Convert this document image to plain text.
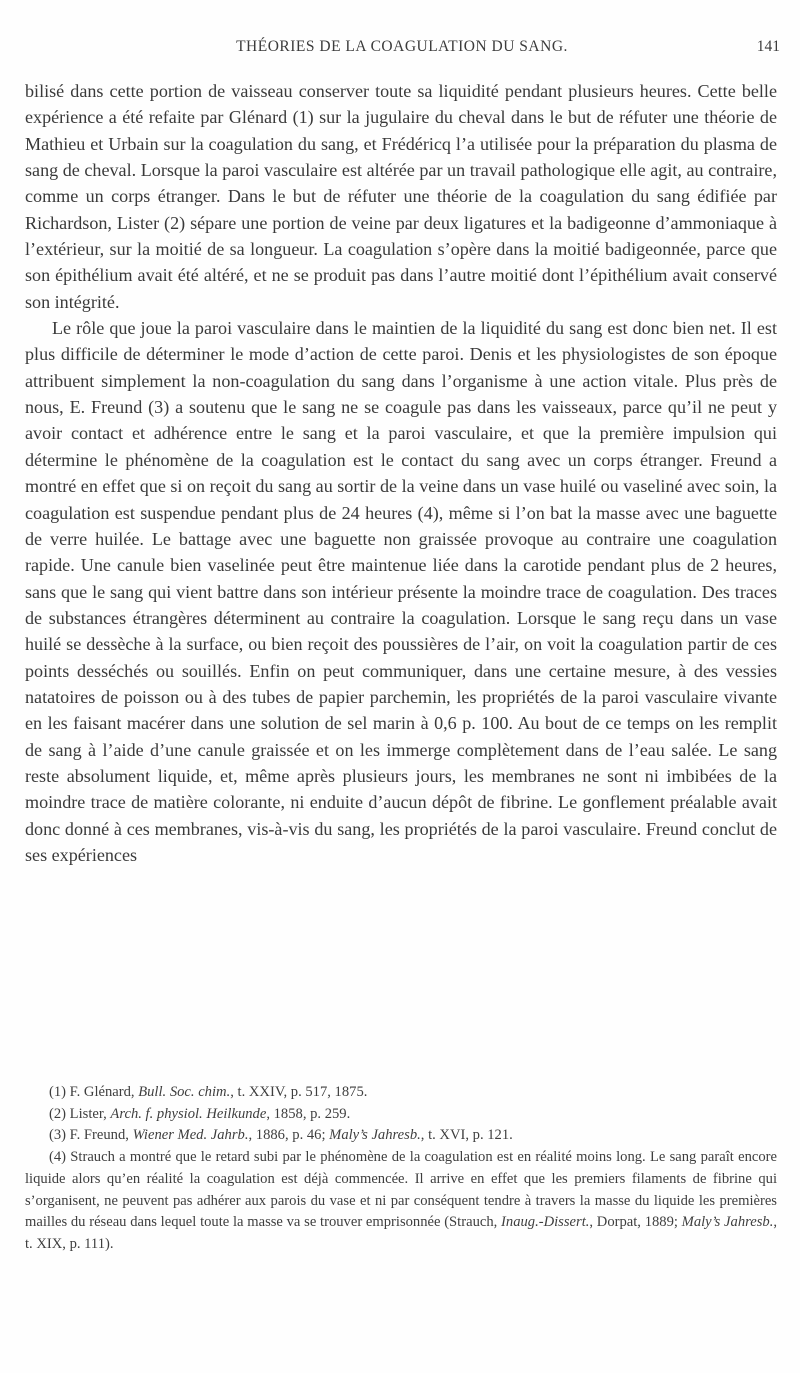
THÉORIES DE LA COAGULATION DU SANG.	141

bilisé dans cette portion de vaisseau conserver toute sa liquidité pendant plusieurs heures. Cette belle expérience a été refaite par Glénard (1) sur la jugulaire du cheval dans le but de réfuter une théorie de Mathieu et Urbain sur la coagulation du sang, et Frédéricq l’a utilisée pour la préparation du plasma de sang de cheval. Lorsque la paroi vasculaire est altérée par un travail pathologique elle agit, au contraire, comme un corps étranger. Dans le but de réfuter une théorie de la coagulation du sang édifiée par Richardson, Lister (2) sépare une portion de veine par deux ligatures et la badigeonne d’ammoniaque à l’extérieur, sur la moitié de sa longueur. La coagulation s’opère dans la moitié badigeonnée, parce que son épithélium avait été altéré, et ne se produit pas dans l’autre moitié dont l’épithélium avait conservé son intégrité.

Le rôle que joue la paroi vasculaire dans le maintien de la liquidité du sang est donc bien net. Il est plus difficile de déterminer le mode d’action de cette paroi. Denis et les physiologistes de son époque attribuent simplement la non-coagulation du sang dans l’organisme à une action vitale. Plus près de nous, E. Freund (3) a soutenu que le sang ne se coagule pas dans les vaisseaux, parce qu’il ne peut y avoir contact et adhérence entre le sang et la paroi vasculaire, et que la première impulsion qui détermine le phénomène de la coagulation est le contact du sang avec un corps étranger. Freund a montré en effet que si on reçoit du sang au sortir de la veine dans un vase huilé ou vaseliné avec soin, la coagulation est suspendue pendant plus de 24 heures (4), même si l’on bat la masse avec une baguette de verre huilée. Le battage avec une baguette non graissée provoque au contraire une coagulation rapide. Une canule bien vaselinée peut être maintenue liée dans la carotide pendant plus de 2 heures, sans que le sang qui vient battre dans son intérieur présente la moindre trace de coagulation. Des traces de substances étrangères déterminent au contraire la coagulation. Lorsque le sang reçu dans un vase huilé se dessèche à la surface, ou bien reçoit des poussières de l’air, on voit la coagulation partir de ces points desséchés ou souillés. Enfin on peut communiquer, dans une certaine mesure, à des vessies natatoires de poisson ou à des tubes de papier parchemin, les propriétés de la paroi vasculaire vivante en les faisant macérer dans une solution de sel marin à 0,6 p. 100. Au bout de ce temps on les remplit de sang à l’aide d’une canule graissée et on les immerge complètement dans de l’eau salée. Le sang reste absolument liquide, et, même après plusieurs jours, les membranes ne sont ni imbibées de la moindre trace de matière colorante, ni enduite d’aucun dépôt de fibrine. Le gonflement préalable avait donc donné à ces membranes, vis-à-vis du sang, les propriétés de la paroi vasculaire. Freund conclut de ses expériences

(1) F. Glénard, Bull. Soc. chim., t. XXIV, p. 517, 1875.

(2) Lister, Arch. f. physiol. Heilkunde, 1858, p. 259.

(3) F. Freund, Wiener Med. Jahrb., 1886, p. 46; Maly’s Jahresb., t. XVI, p. 121.

(4) Strauch a montré que le retard subi par le phénomène de la coagulation est en réalité moins long. Le sang paraît encore liquide alors qu’en réalité la coagulation est déjà commencée. Il arrive en effet que les premiers filaments de fibrine qui s’organisent, ne peuvent pas adhérer aux parois du vase et ni par conséquent tendre à travers la masse du liquide les premières mailles du réseau dans lequel toute la masse va se trouver emprisonnée (Strauch, Inaug.-Dissert., Dorpat, 1889; Maly’s Jahresb., t. XIX, p. 111).
